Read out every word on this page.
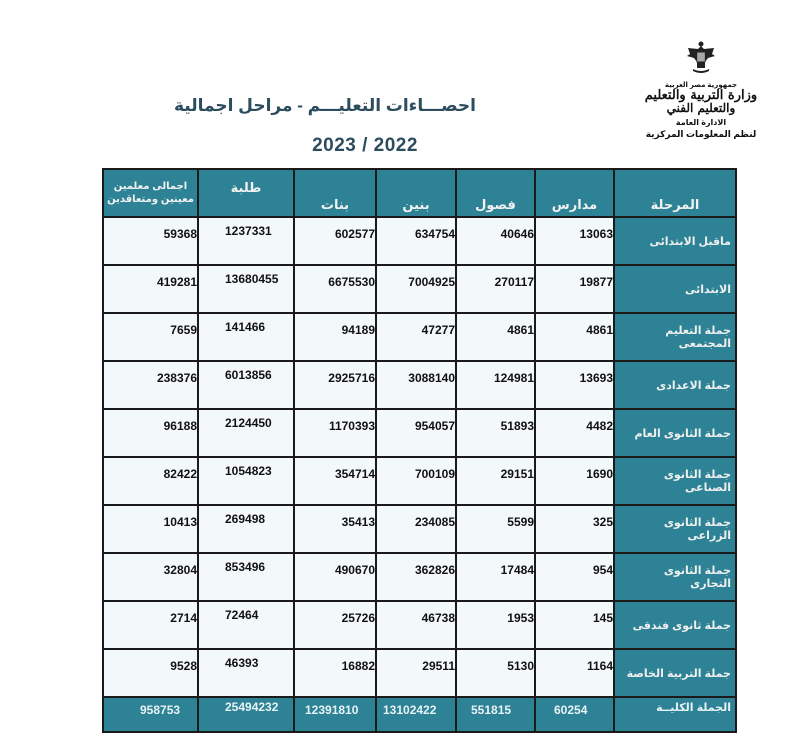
جمهورية مصر العربية
وزارة التربية والتعليم
والتعليم الفني
الادارة العامة
لنظم المعلومات المركزية
احصـــاءات التعليـــم - مراحل اجمالية
2023 / 2022
المرحلة	مدارس	فصول	بنين	بنات	طلبة	اجمالى معلمين
معينين ومتعاقدين

ماقبل الابتدائى	13063	40646	634754	602577	1237331	59368
الابتدائى	19877	270117	7004925	6675530	13680455	419281
جملة التعليم المجتمعى	4861	4861	47277	94189	141466	7659
جملة الاعدادى	13693	124981	3088140	2925716	6013856	238376
جملة الثانوى العام	4482	51893	954057	1170393	2124450	96188
جملة الثانوى الصناعى	1690	29151	700109	354714	1054823	82422
جملة الثانوى الزراعى	325	5599	234085	35413	269498	10413
جملة الثانوى التجارى	954	17484	362826	490670	853496	32804
جملة ثانوى فندقى	145	1953	46738	25726	72464	2714
جملة التربية الخاصة	1164	5130	29511	16882	46393	9528
الجملة الكليــة	60254	551815	13102422	12391810	25494232	958753
